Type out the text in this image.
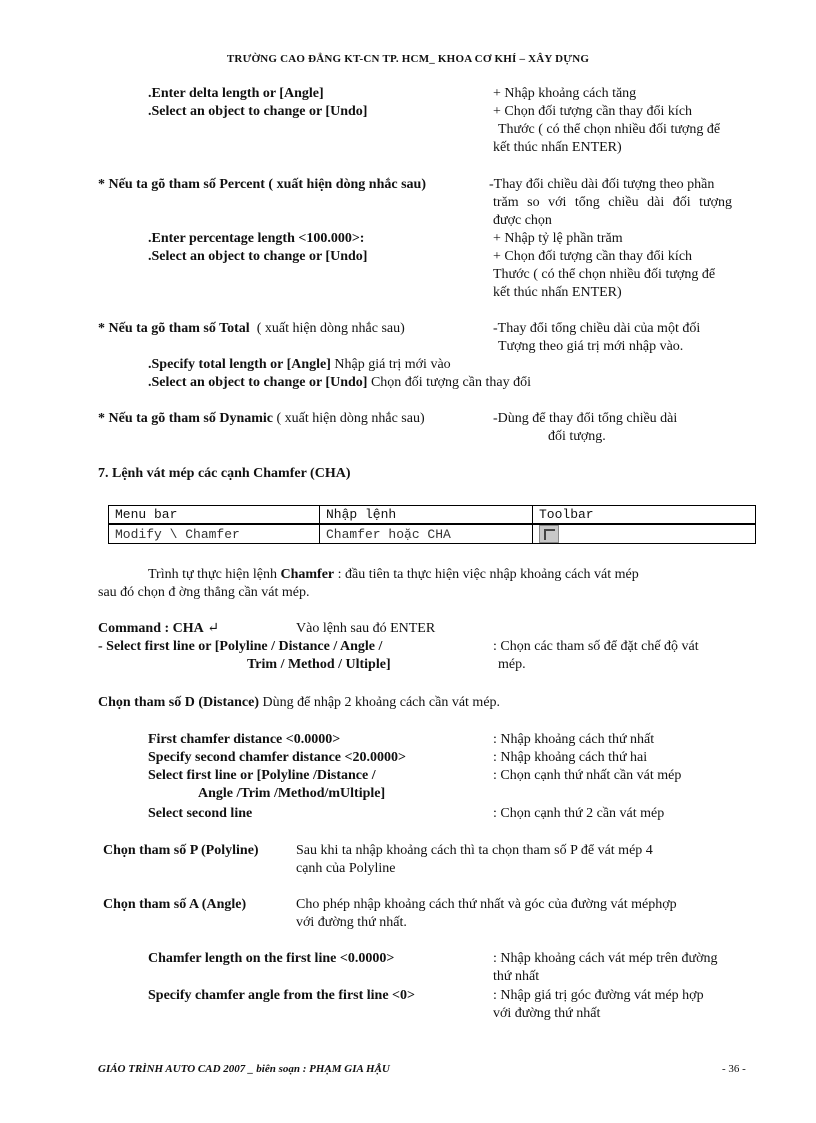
TRƯỜNG CAO ĐẲNG KT-CN TP. HCM_ KHOA CƠ KHÍ – XÂY DỰNG
.Enter delta length or [Angle]	+ Nhập khoảng cách tăng
.Select an object to change or [Undo]	+ Chọn đối tượng cần thay đổi kích
Thước ( có thể chọn nhiều đối tượng để
kết thúc nhấn ENTER)
* Nếu ta gõ tham số Percent ( xuất hiện dòng nhắc sau)	-Thay đổi chiều dài đối tượng theo phần
trăm so với tổng chiều dài đối tượng
được chọn
.Enter percentage length <100.000>:	+ Nhập tỷ lệ phần trăm
.Select an object to change or [Undo]	+ Chọn đối tượng cần thay đổi kích
Thước ( có thể chọn nhiều đối tượng để
kết thúc nhấn ENTER)
* Nếu ta gõ tham số Total ( xuất hiện dòng nhắc sau)	-Thay đổi tổng chiều dài của một đối
Tượng theo giá trị mới nhập vào.
.Specify total length or [Angle] Nhập giá trị mới vào
.Select an object to change or [Undo] Chọn đối tượng cần thay đổi
* Nếu ta gõ tham số Dynamic ( xuất hiện dòng nhắc sau)	-Dùng để thay đổi tổng chiều dài
đối tượng.
7. Lệnh vát mép các cạnh Chamfer (CHA)
Menu bar	Nhập lệnh	Toolbar
Modify \ Chamfer	Chamfer hoặc CHA	
Trình tự thực hiện lệnh Chamfer : đầu tiên ta thực hiện việc nhập khoảng cách vát mép
sau đó chọn đ ờng thẳng cần vát mép.
Command : CHA ↵	Vào lệnh sau đó ENTER
- Select first line or [Polyline / Distance / Angle /
Trim / Method / Ultiple]
: Chọn các tham số để đặt chế độ vát
mép.
Chọn tham số D (Distance) Dùng để nhập 2 khoảng cách cần vát mép.
First chamfer distance <0.0000>	: Nhập khoảng cách thứ nhất
Specify second chamfer distance <20.0000>	: Nhập khoảng cách thứ hai
Select first line or [Polyline /Distance /
Angle /Trim /Method/mUltiple]
: Chọn cạnh thứ nhất cần vát mép
Select second line	: Chọn cạnh thứ 2 cần vát mép
Chọn tham số P (Polyline)	Sau khi ta nhập khoảng cách thì ta chọn tham số P để vát mép 4
cạnh của Polyline
Chọn tham số A (Angle)	Cho phép nhập khoảng cách thứ nhất và góc của đường vát méphợp
với đường thứ nhất.
Chamfer length on the first line <0.0000>	: Nhập khoảng cách vát mép trên đường
thứ nhất
Specify chamfer angle from the first line <0>	: Nhập giá trị góc đường vát mép hợp
với đường thứ nhất
GIÁO TRÌNH AUTO CAD 2007 _ biên soạn : PHẠM GIA HẬU	- 36 -
